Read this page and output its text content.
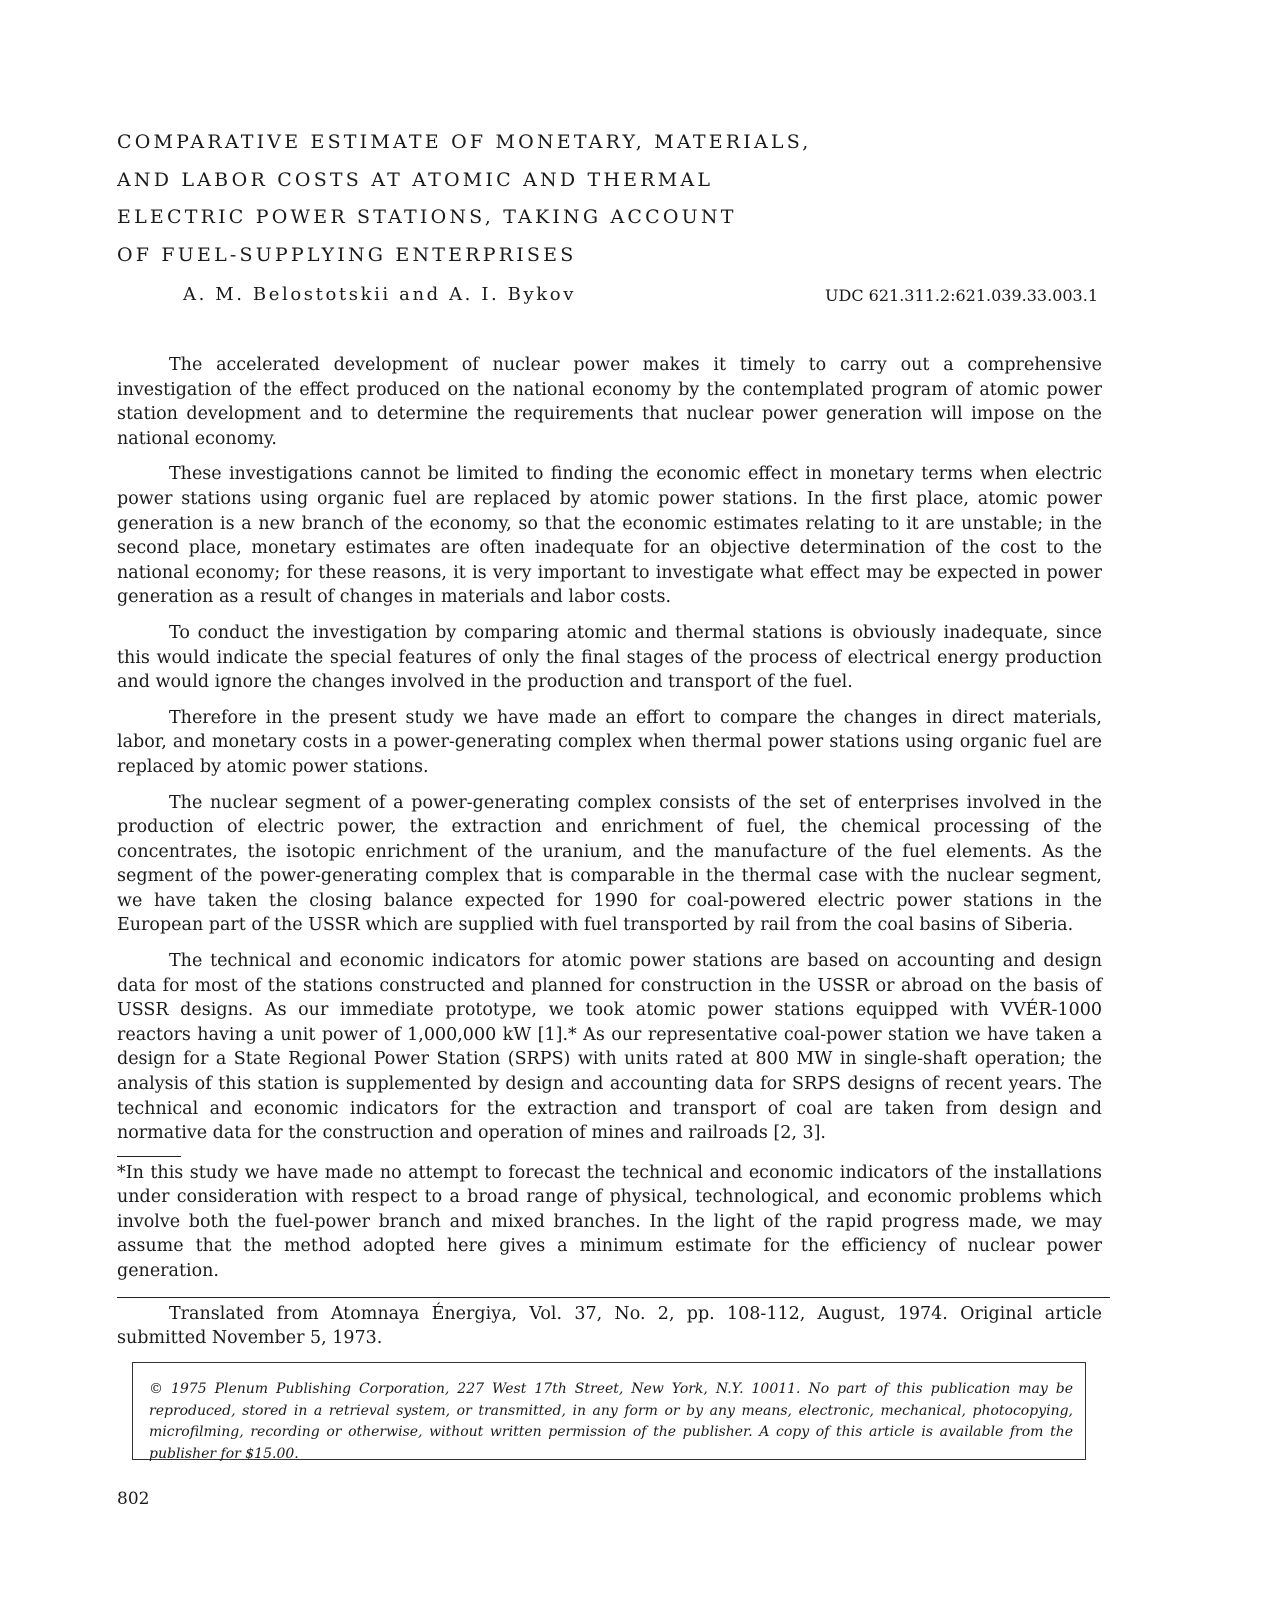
COMPARATIVE ESTIMATE OF MONETARY, MATERIALS,
AND LABOR COSTS AT ATOMIC AND THERMAL
ELECTRIC POWER STATIONS, TAKING ACCOUNT
OF FUEL-SUPPLYING ENTERPRISES
A. M. Belostotskii and A. I. Bykov	UDC 621.311.2:621.039.33.003.1

The accelerated development of nuclear power makes it timely to carry out a comprehensive investigation of the effect produced on the national economy by the contemplated program of atomic power station development and to determine the requirements that nuclear power generation will impose on the national economy.

These investigations cannot be limited to finding the economic effect in monetary terms when electric power stations using organic fuel are replaced by atomic power stations. In the first place, atomic power generation is a new branch of the economy, so that the economic estimates relating to it are unstable; in the second place, monetary estimates are often inadequate for an objective determination of the cost to the national economy; for these reasons, it is very important to investigate what effect may be expected in power generation as a result of changes in materials and labor costs.

To conduct the investigation by comparing atomic and thermal stations is obviously inadequate, since this would indicate the special features of only the final stages of the process of electrical energy production and would ignore the changes involved in the production and transport of the fuel.

Therefore in the present study we have made an effort to compare the changes in direct materials, labor, and monetary costs in a power-generating complex when thermal power stations using organic fuel are replaced by atomic power stations.

The nuclear segment of a power-generating complex consists of the set of enterprises involved in the production of electric power, the extraction and enrichment of fuel, the chemical processing of the concentrates, the isotopic enrichment of the uranium, and the manufacture of the fuel elements. As the segment of the power-generating complex that is comparable in the thermal case with the nuclear segment, we have taken the closing balance expected for 1990 for coal-powered electric power stations in the European part of the USSR which are supplied with fuel transported by rail from the coal basins of Siberia.

The technical and economic indicators for atomic power stations are based on accounting and design data for most of the stations constructed and planned for construction in the USSR or abroad on the basis of USSR designs. As our immediate prototype, we took atomic power stations equipped with VVÉR-1000 reactors having a unit power of 1,000,000 kW [1].* As our representative coal-power station we have taken a design for a State Regional Power Station (SRPS) with units rated at 800 MW in single-shaft operation; the analysis of this station is supplemented by design and accounting data for SRPS designs of recent years. The technical and economic indicators for the extraction and transport of coal are taken from design and normative data for the construction and operation of mines and railroads [2, 3].

*In this study we have made no attempt to forecast the technical and economic indicators of the installations under consideration with respect to a broad range of physical, technological, and economic problems which involve both the fuel-power branch and mixed branches. In the light of the rapid progress made, we may assume that the method adopted here gives a minimum estimate for the efficiency of nuclear power generation.

Translated from Atomnaya Énergiya, Vol. 37, No. 2, pp. 108-112, August, 1974. Original article submitted November 5, 1973.

© 1975 Plenum Publishing Corporation, 227 West 17th Street, New York, N.Y. 10011. No part of this publication may be reproduced, stored in a retrieval system, or transmitted, in any form or by any means, electronic, mechanical, photocopying, microfilming, recording or otherwise, without written permission of the publisher. A copy of this article is available from the publisher for $15.00.
802
